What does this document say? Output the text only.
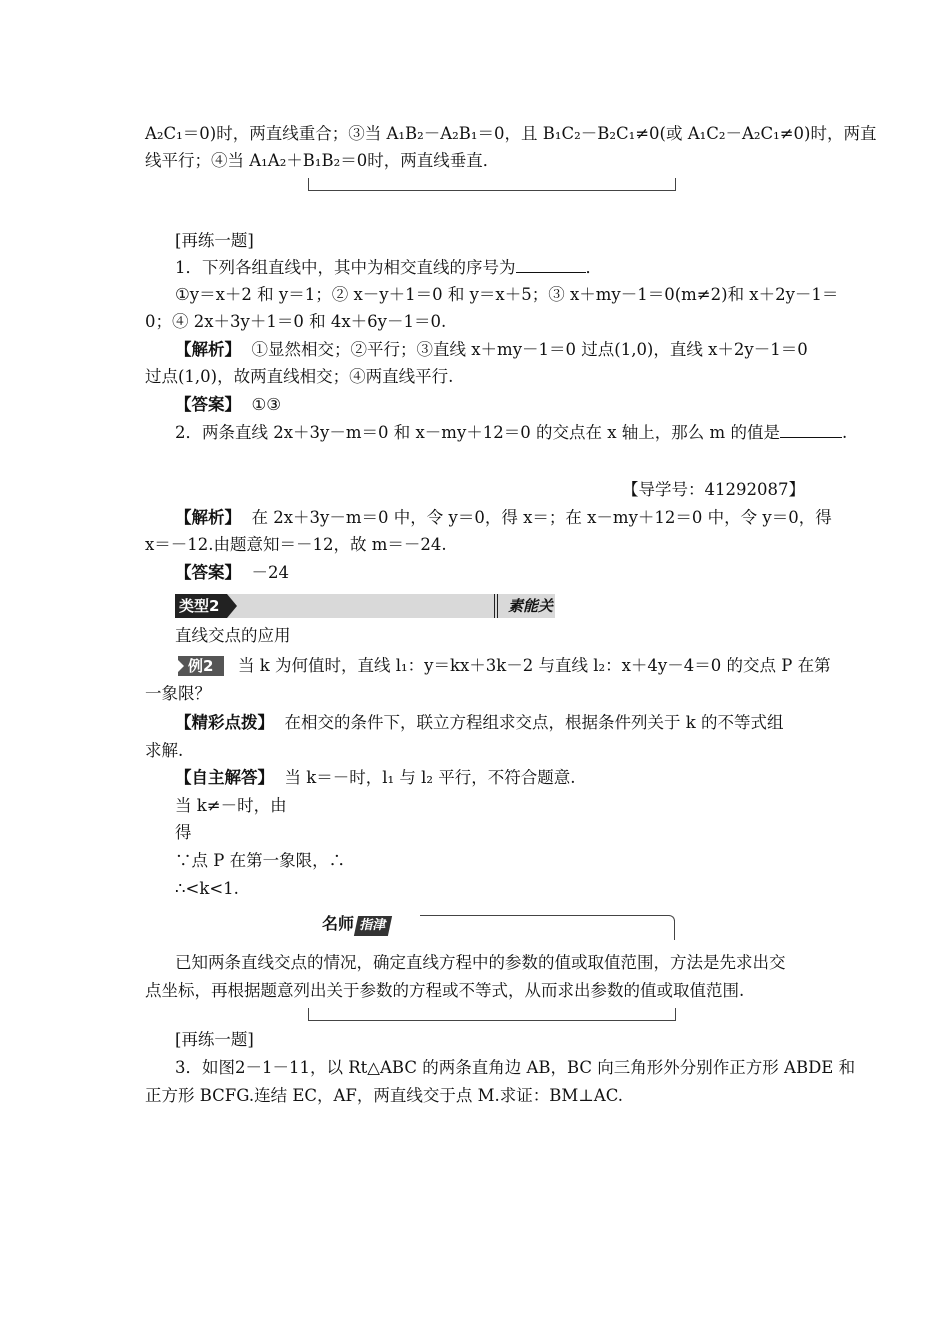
A₂C₁＝0)时，两直线重合；③当 A₁B₂－A₂B₁＝0，且 B₁C₂－B₂C₁≠0(或 A₁C₂－A₂C₁≠0)时，两直
线平行；④当 A₁A₂＋B₁B₂＝0时，两直线垂直．
[再练一题]
1．下列各组直线中，其中为相交直线的序号为	．
①y＝x＋2 和 y＝1；② x－y＋1＝0 和 y＝x＋5；③ x＋my－1＝0(m≠2)和 x＋2y－1＝
0；④ 2x＋3y＋1＝0 和 4x＋6y－1＝0.
【解析】 ①显然相交；②平行；③直线 x＋my－1＝0 过点(1,0)，直线 x＋2y－1＝0
过点(1,0)，故两直线相交；④两直线平行.
【答案】 ①③
2．两条直线 2x＋3y－m＝0 和 x－my＋12＝0 的交点在 x 轴上，那么 m 的值是	.
【导学号：41292087】
【解析】 在 2x＋3y－m＝0 中，令 y＝0，得 x＝；在 x－my＋12＝0 中，令 y＝0，得
x＝－12.由题意知＝－12，故 m＝－24.
【答案】 －24
类型2	素能关
直线交点的应用
例2	当 k 为何值时，直线 l₁：y＝kx＋3k－2 与直线 l₂：x＋4y－4＝0 的交点 P 在第
一象限？
【精彩点拨】 在相交的条件下，联立方程组求交点，根据条件列关于 k 的不等式组
求解.
【自主解答】 当 k＝－时，l₁ 与 l₂ 平行，不符合题意.
当 k≠－时，由
得
∵点 P 在第一象限，∴
∴<k<1.
名师 指津
已知两条直线交点的情况，确定直线方程中的参数的值或取值范围，方法是先求出交
点坐标，再根据题意列出关于参数的方程或不等式，从而求出参数的值或取值范围.
[再练一题]
3．如图2－1－11，以 Rt△ABC 的两条直角边 AB，BC 向三角形外分别作正方形 ABDE 和
正方形 BCFG.连结 EC，AF，两直线交于点 M.求证：BM⊥AC.
